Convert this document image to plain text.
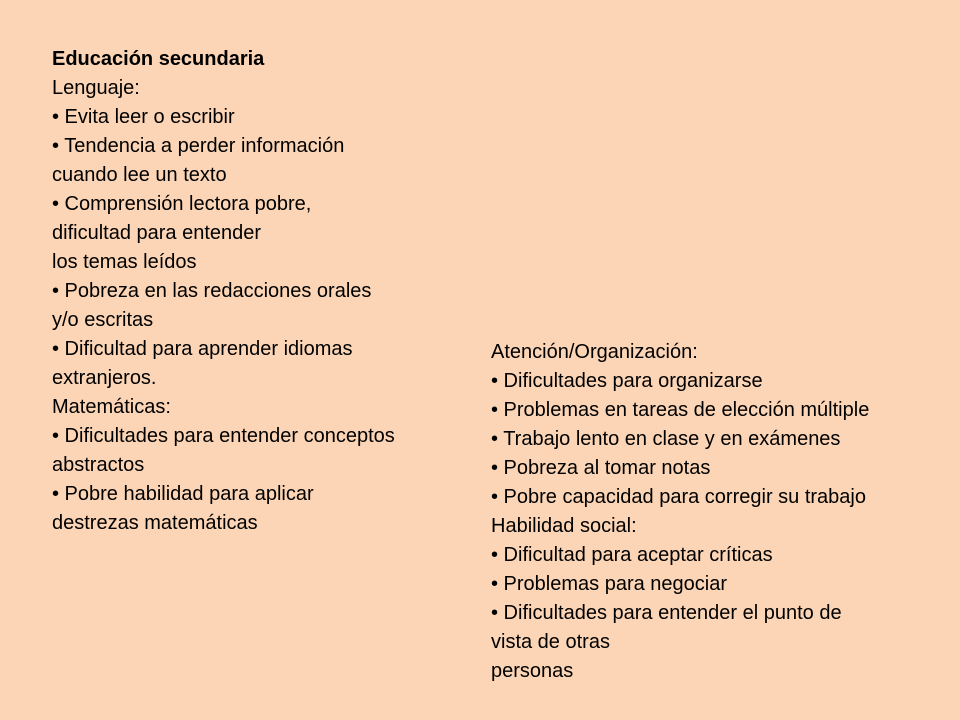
Educación secundaria
Lenguaje:
• Evita leer o escribir
• Tendencia a perder información
cuando lee un texto
• Comprensión lectora pobre,
dificultad para entender
los temas leídos
• Pobreza en las redacciones orales
y/o escritas
• Dificultad para aprender idiomas
extranjeros.
Matemáticas:
• Dificultades para entender conceptos
abstractos
• Pobre habilidad para aplicar
destrezas matemáticas
Atención/Organización:
• Dificultades para organizarse
• Problemas en tareas de elección múltiple
• Trabajo lento en clase y en exámenes
• Pobreza al tomar notas
• Pobre capacidad para corregir su trabajo
Habilidad social:
• Dificultad para aceptar críticas
• Problemas para negociar
• Dificultades para entender el punto de
vista de otras
personas
